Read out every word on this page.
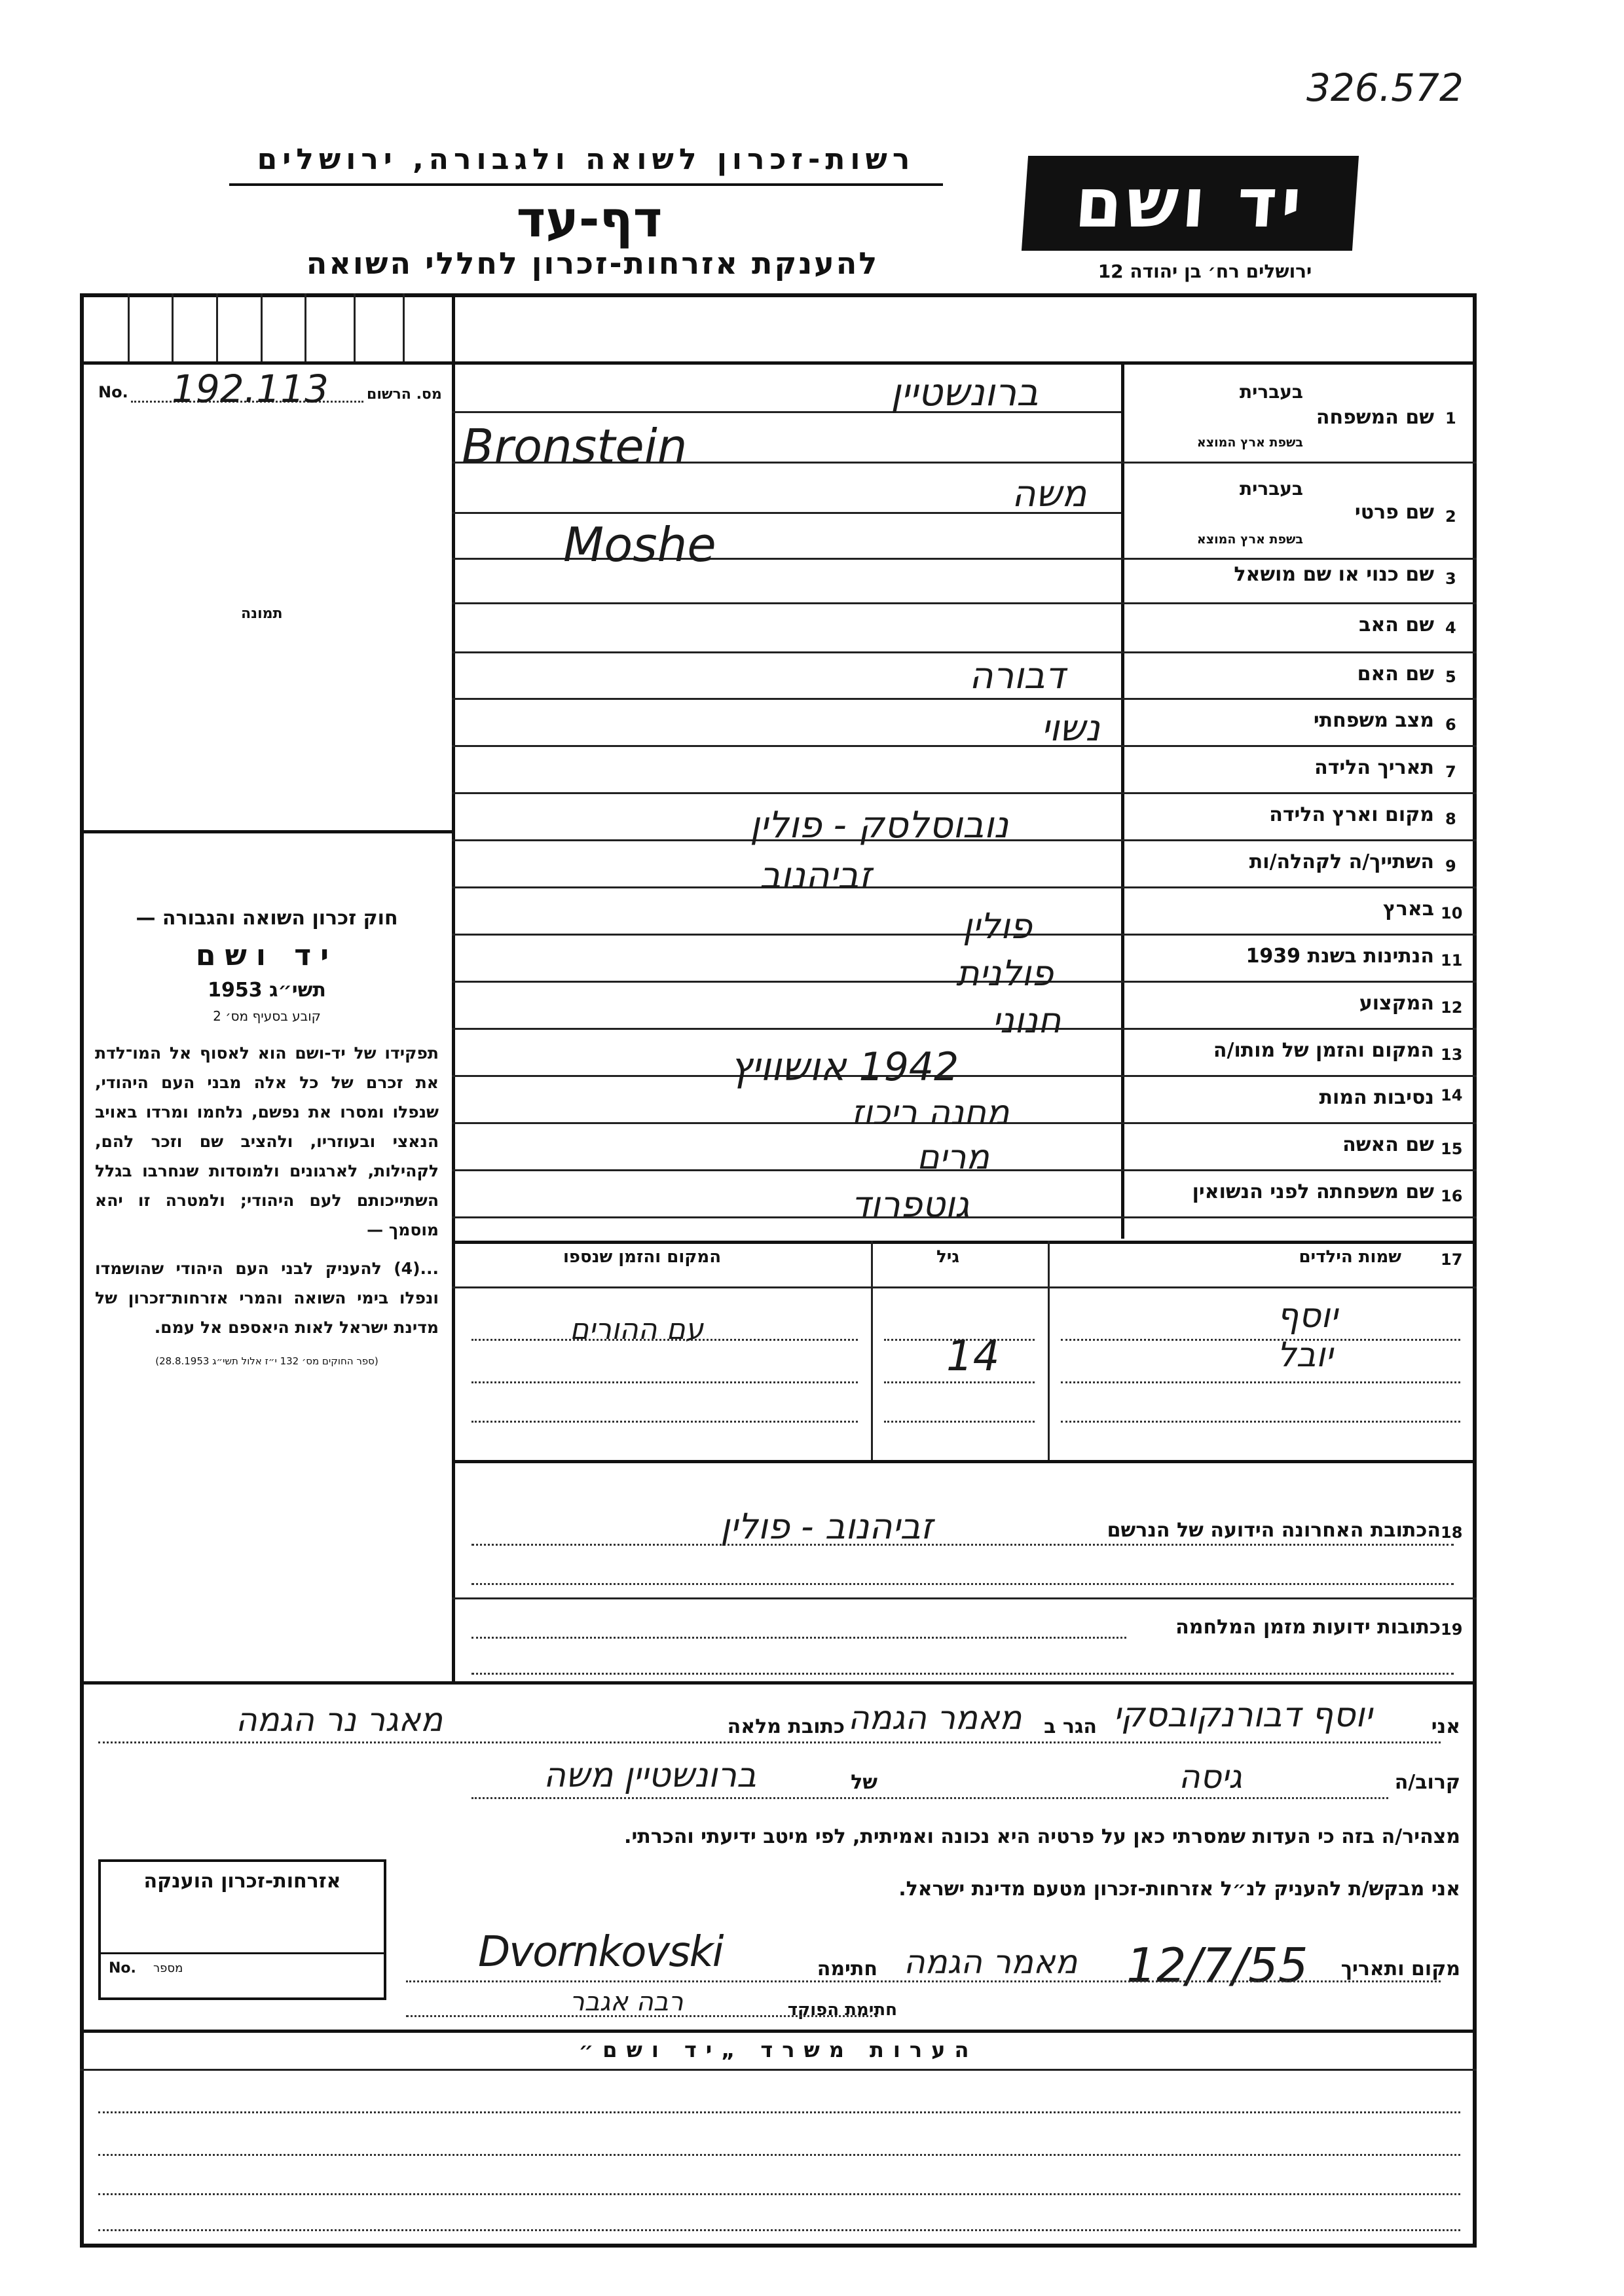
326.572
רשות-זכרון לשואה ולגבורה, ירושלים
דף-עד
להענקת אזרחות-זכרון לחללי השואה
יד ושם
ירושלים רח׳ בן יהודה 12
No. 192.113	מס. הרשום
תמונה

חוק זכרון השואה והגבורה —

יד ושם

תשי״ג 1953

קובע בסעיף מס׳ 2

תפקידו של יד-ושם הוא לאסוף אל המו־לדת את זכרם של כל אלה מבני העם היהודי, שנפלו ומסרו את נפשם, נלחמו ומרדו באויב הנאצי ובעוזריו, ולהציב שם וזכר להם, לקהילות, לארגונים ולמוסדות שנחרבו בגלל השתייכותם לעם היהודי; ולמטרה זו יהא מוסמך —

...(4) להעניק לבני העם היהודי שהושמדו ונפלו בימי השואה והמרי אזרחות־זכרון של מדינת ישראל לאות היאספם אל עמם.

(ספר החוקים מס׳ 132 י״ז אלול תשי״ג 28.8.1953)

שם המשפחה
בעברית
בשפת ארץ המוצא
1
שם פרטי
בעברית
בשפת ארץ המוצא
2
שם כנוי או שם מושאל 3
שם האב 4
שם האם 5
מצב משפחתי 6
תאריך הלידה 7
מקום וארץ הלידה 8
השתייך/ה לקהלה/ות 9
בארץ 10
הנתינות בשנת 1939 11
המקצוע 12
המקום והזמן של מותו/ה 13
נסיבות המות 14
שם האשה 15
שם משפחתה לפני הנשואין 16
ברונשטיין
Bronstein
משה
Moshe
דבורה
נשוי
נובוסלסק - פולין
זביהנוב
פולין
פולנית
חנוני
1942 אושוויץ
מחנה ריכוז
מרים
גוטפרוד
שמות הילדים	17
גיל
המקום והזמן שנספו
יוסף
יובל
14
עם ההורים
הכתובת האחרונה הידועה של הנרשם 18
זביהנוב - פולין
כתובות ידועות מזמן המלחמה 19
אני
יוסף דבורנקובסקי
הגר ב
מאמר הגמה
כתובת מלאה
מאגר נר הגמה
קרוב/ה
גיסה
של
ברונשטיין משה
מצהיר/ה בזה כי העדות שמסרתי כאן על פרטיה היא נכונה ואמיתית, לפי מיטב ידיעתי והכרתי.
אני מבקש/ת להעניק לנ״ל אזרחות-זכרון מטעם מדינת ישראל.
מקום ותאריך
12/7/55
מאמר הגמה
חתימה
Dvornkovski
חתימת הפוקד
רבה אגבר
אזרחות-זכרון הוענקה
No. מספר
הערות משרד „יד ושם״
